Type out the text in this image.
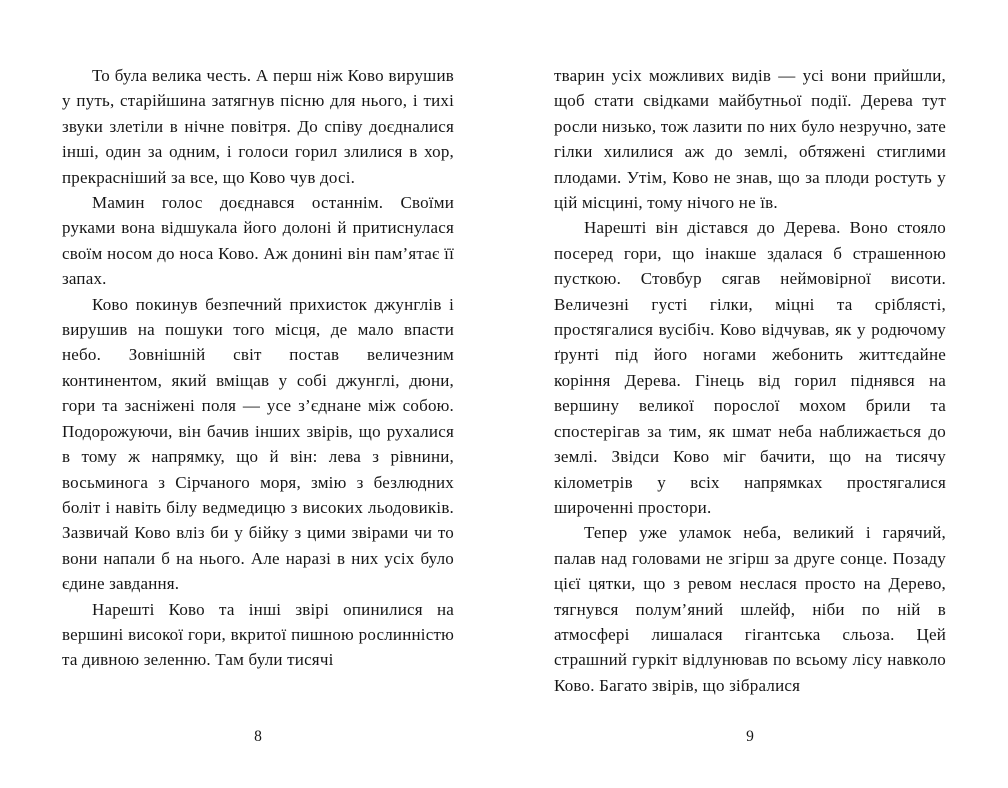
То була велика честь. А перш ніж Ково вирушив у путь, старійшина затягнув пісню для нього, і тихі звуки злетіли в нічне повітря. До співу доєдналися інші, один за одним, і голоси горил злилися в хор, прекрасніший за все, що Ково чув досі.

Мамин голос доєднався останнім. Своїми руками вона відшукала його долоні й притиснулася своїм носом до носа Ково. Аж донині він пам’ятає її запах.

Ково покинув безпечний прихисток джунглів і вирушив на пошуки того місця, де мало впасти небо. Зовнішній світ постав величезним континентом, який вміщав у собі джунглі, дюни, гори та засніжені поля — усе з’єднане між собою. Подорожуючи, він бачив інших звірів, що рухалися в тому ж напрямку, що й він: лева з рівнини, восьминога з Сірчаного моря, змію з безлюдних боліт і навіть білу ведмедицю з високих льодовиків. Зазвичай Ково вліз би у бійку з цими звірами чи то вони напали б на нього. Але наразі в них усіх було єдине завдання.

Нарешті Ково та інші звірі опинилися на вершині високої гори, вкритої пишною рослинністю та дивною зеленню. Там були тисячі

8

тварин усіх можливих видів — усі вони прийшли, щоб стати свідками майбутньої події. Дерева тут росли низько, тож лазити по них було незручно, зате гілки хилилися аж до землі, обтяжені стиглими плодами. Утім, Ково не знав, що за плоди ростуть у цій місцині, тому нічого не їв.

Нарешті він дістався до Дерева. Воно стояло посеред гори, що інакше здалася б страшенною пусткою. Стовбур сягав неймовірної висоти. Величезні густі гілки, міцні та сріблясті, простягалися вусібіч. Ково відчував, як у родючому ґрунті під його ногами жебонить життєдайне коріння Дерева. Гінець від горил піднявся на вершину великої порослої мохом брили та спостерігав за тим, як шмат неба наближається до землі. Звідси Ково міг бачити, що на тисячу кілометрів у всіх напрямках простягалися широченні простори.

Тепер уже уламок неба, великий і гарячий, палав над головами не згірш за друге сонце. Позаду цієї цятки, що з ревом неслася просто на Дерево, тягнувся полум’яний шлейф, ніби по ній в атмосфері лишалася гігантська сльоза. Цей страшний гуркіт відлунював по всьому лісу навколо Ково. Багато звірів, що зібралися

9
